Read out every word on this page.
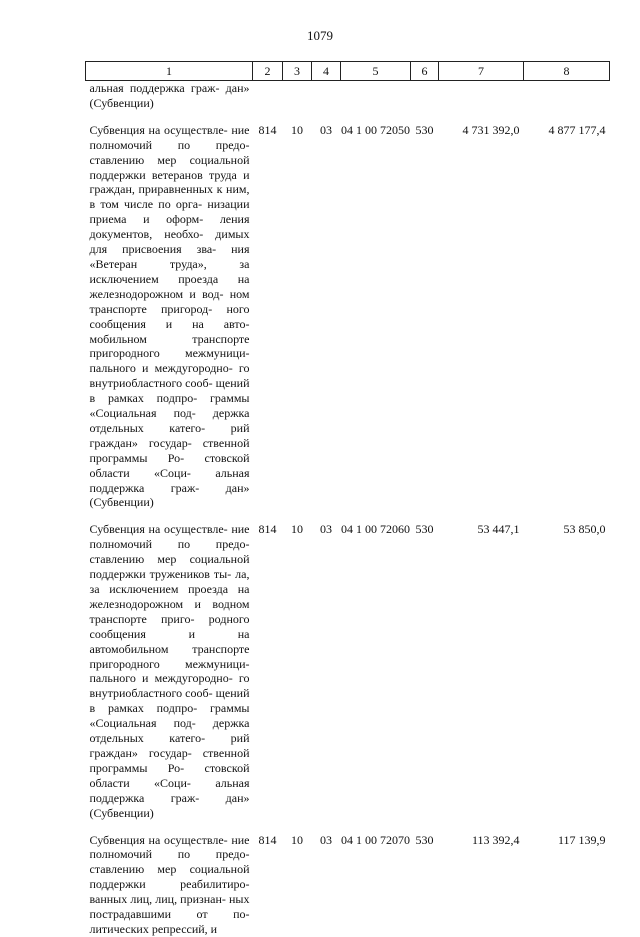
1079
1	2	3	4	5	6	7	8
альная поддержка граж- дан» (Субвенции)							
Субвенция на осуществле- ние полномочий по предо- ставлению мер социальной поддержки ветеранов труда и граждан, приравненных к ним, в том числе по орга- низации приема и оформ- ления документов, необхо- димых для присвоения зва- ния «Ветеран труда», за исключением проезда на железнодорожном и вод- ном транспорте пригород- ного сообщения и на авто- мобильном транспорте пригородного межмуници- пального и междугородно- го внутриобластного сооб- щений в рамках подпро- граммы «Социальная под- держка отдельных катего- рий граждан» государ- ственной программы Ро- стовской области «Соци- альная поддержка граж- дан» (Субвенции)	814	10	03	04 1 00 72050	530	4 731 392,0	4 877 177,4
Субвенция на осуществле- ние полномочий по предо- ставлению мер социальной поддержки тружеников ты- ла, за исключением проезда на железнодорожном и водном транспорте приго- родного сообщения и на автомобильном транспорте пригородного межмуници- пального и междугородно- го внутриобластного сооб- щений в рамках подпро- граммы «Социальная под- держка отдельных катего- рий граждан» государ- ственной программы Ро- стовской области «Соци- альная поддержка граж- дан» (Субвенции)	814	10	03	04 1 00 72060	530	53 447,1	53 850,0
Субвенция на осуществле- ние полномочий по предо- ставлению мер социальной поддержки реабилитиро- ванных лиц, лиц, признан- ных пострадавшими от по- литических репрессий, и	814	10	03	04 1 00 72070	530	113 392,4	117 139,9
